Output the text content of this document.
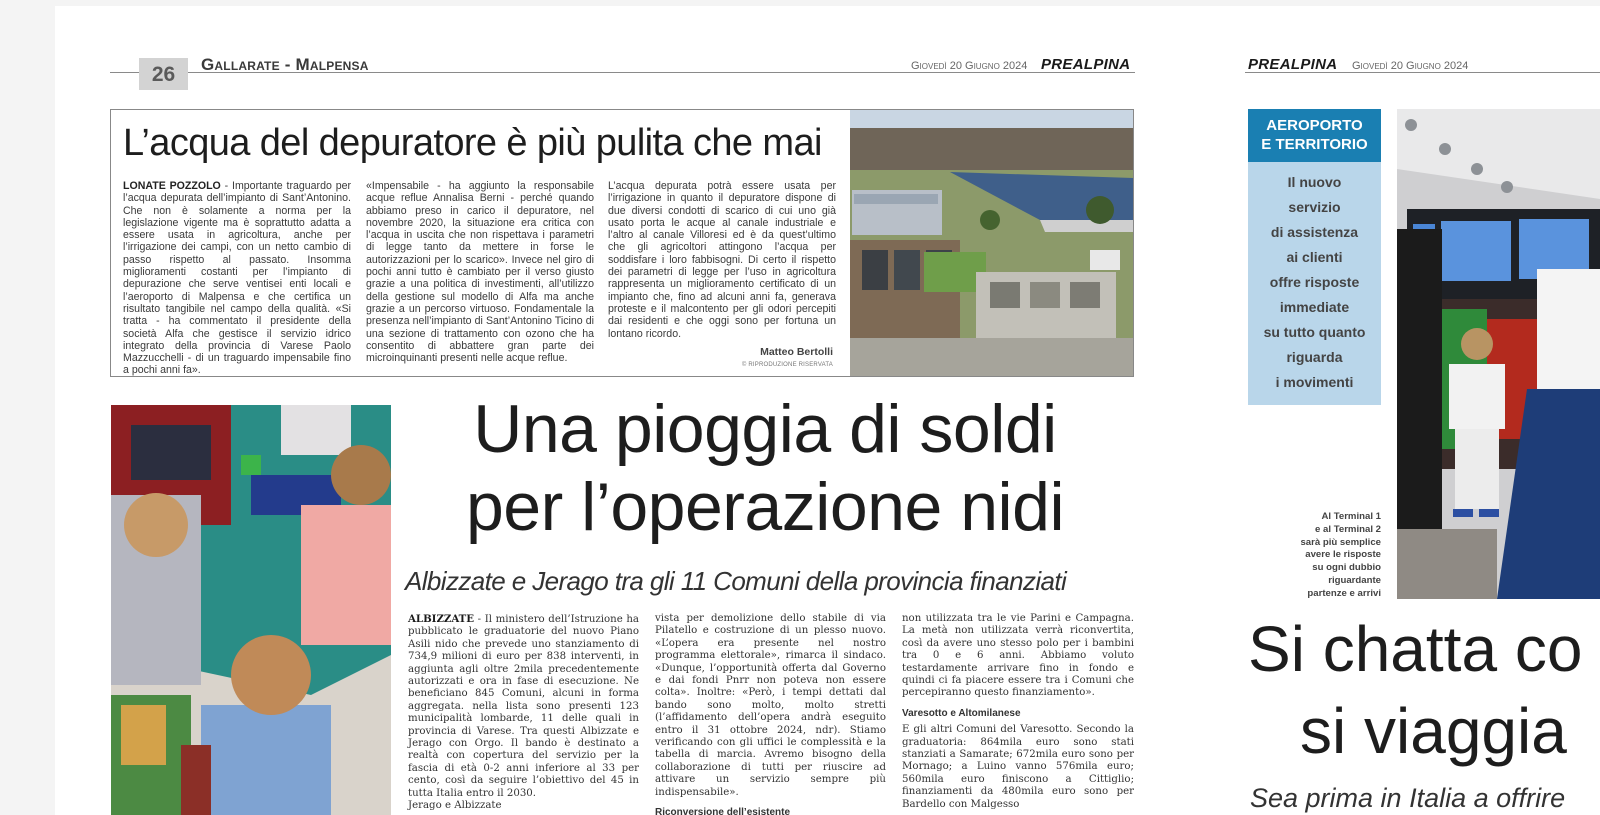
26	Gallarate - Malpensa	Giovedì 20 Giugno 2024 PREALPINA	PREALPINA Giovedì 20 Giugno 2024
L’acqua del depuratore è più pulita che mai
LONATE POZZOLO - Importante traguardo per l’acqua depurata dell’impianto di Sant’Antonino. Che non è solamente a norma per la legislazione vigente ma è soprattutto adatta a essere usata in agricoltura, anche per l’irrigazione dei campi, con un netto cambio di passo rispetto al passato. Insomma miglioramenti costanti per l’impianto di depurazione che serve ventisei enti locali e l’aeroporto di Malpensa e che certifica un risultato tangibile nel campo della qualità. «Si tratta - ha commentato il presidente della società Alfa che gestisce il servizio idrico integrato della provincia di Varese Paolo Mazzucchelli - di un traguardo impensabile fino a pochi anni fa».
«Impensabile - ha aggiunto la responsabile acque reflue Annalisa Berni - perché quando abbiamo preso in carico il depuratore, nel novembre 2020, la situazione era critica con l’acqua in uscita che non rispettava i parametri di legge tanto da mettere in forse le autorizzazioni per lo scarico». Invece nel giro di pochi anni tutto è cambiato per il verso giusto grazie a una politica di investimenti, all’utilizzo della gestione sul modello di Alfa ma anche grazie a un percorso virtuoso. Fondamentale la presenza nell’impianto di Sant’Antonino Ticino di una sezione di trattamento con ozono che ha consentito di abbattere gran parte dei microinquinanti presenti nelle acque reflue.
L’acqua depurata potrà essere usata per l’irrigazione in quanto il depuratore dispone di due diversi condotti di scarico di cui uno già usato porta le acque al canale industriale e l’altro al canale Villoresi ed è da quest’ultimo che gli agricoltori attingono l’acqua per soddisfare i loro fabbisogni. Di certo il rispetto dei parametri di legge per l’uso in agricoltura rappresenta un miglioramento certificato di un impianto che, fino ad alcuni anni fa, generava proteste e il malcontento per gli odori percepiti dai residenti e che oggi sono per fortuna un lontano ricordo.
Matteo Bertolli
© RIPRODUZIONE RISERVATA
Una pioggia di soldi
per l’operazione nidi
Albizzate e Jerago tra gli 11 Comuni della provincia finanziati
ALBIZZATE - Il ministero dell’Istruzione ha pubblicato le graduatorie del nuovo Piano Asili nido che prevede uno stanziamento di 734,9 milioni di euro per 838 interventi, in aggiunta agli oltre 2mila precedentemente autorizzati e ora in fase di esecuzione. Ne beneficiano 845 Comuni, alcuni in forma aggregata. nella lista sono presenti 123 municipalità lombarde, 11 delle quali in provincia di Varese. Tra questi Albizzate e Jerago con Orgo. Il bando è destinato a realtà con copertura del servizio per la fascia di età 0-2 anni inferiore al 33 per cento, così da seguire l’obiettivo del 45 in tutta Italia entro il 2030.
Jerago e Albizzate
vista per demolizione dello stabile di via Pilatello e costruzione di un plesso nuovo. «L’opera era presente nel nostro programma elettorale», rimarca il sindaco. «Dunque, l’opportunità offerta dal Governo e dai fondi Pnrr non poteva non essere colta». Inoltre: «Però, i tempi dettati dal bando sono molto, molto stretti (l’affidamento dell’opera andrà eseguito entro il 31 ottobre 2024, ndr). Stiamo verificando con gli uffici le complessità e la tabella di marcia. Avremo bisogno della collaborazione di tutti per riuscire ad attivare un servizio sempre più indispensabile».
Riconversione dell’esistente
non utilizzata tra le vie Parini e Campagna. La metà non utilizzata verrà riconvertita, così da avere uno stesso polo per i bambini tra 0 e 6 anni. Abbiamo voluto testardamente arrivare fino in fondo e quindi ci fa piacere essere tra i Comuni che percepiranno questo finanziamento».
Varesotto e Altomilanese
E gli altri Comuni del Varesotto. Secondo la graduatoria: 864mila euro sono stati stanziati a Samarate; 672mila euro sono per Mornago; a Luino vanno 576mila euro; 560mila euro finiscono a Cittiglio; finanziamenti da 480mila euro sono per Bardello con Malgesso
AEROPORTO
E TERRITORIO
Il nuovo
servizio
di assistenza
ai clienti
offre risposte
immediate
su tutto quanto
riguarda
i movimenti
Al Terminal 1
e al Terminal 2
sarà più semplice
avere le risposte
su ogni dubbio
riguardante
partenze e arrivi
Si chatta co
si viaggia
Sea prima in Italia a offrire
